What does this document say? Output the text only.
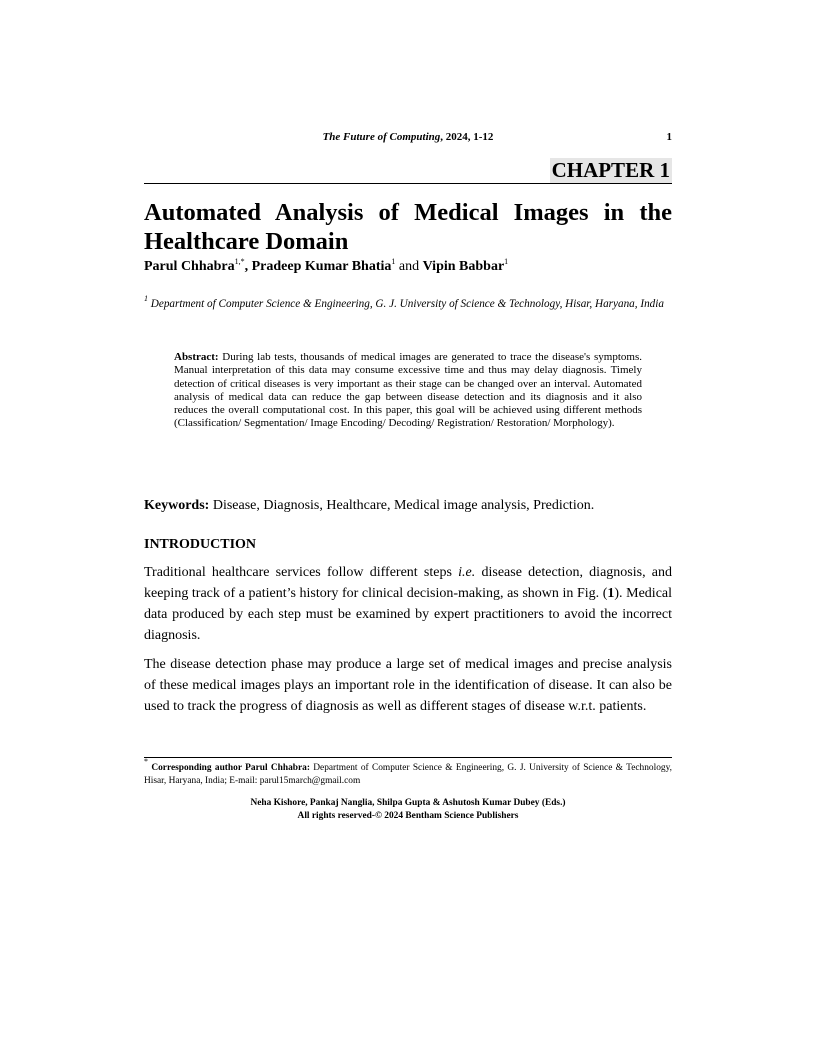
The Future of Computing, 2024, 1-12	1
CHAPTER 1
Automated Analysis of Medical Images in the
Healthcare Domain
Parul Chhabra$^{1,*}$, Pradeep Kumar Bhatia$^1$ and Vipin Babbar$^1$
$^1$ Department of Computer Science & Engineering, G. J. University of Science & Technology, Hisar, Haryana, India
Abstract: During lab tests, thousands of medical images are generated to trace the disease's symptoms. Manual interpretation of this data may consume excessive time and thus may delay diagnosis. Timely detection of critical diseases is very important as their stage can be changed over an interval. Automated analysis of medical data can reduce the gap between disease detection and its diagnosis and it also reduces the overall computational cost. In this paper, this goal will be achieved using different methods (Classification/ Segmentation/ Image Encoding/ Decoding/ Registration/ Restoration/ Morphology).
Keywords: Disease, Diagnosis, Healthcare, Medical image analysis, Prediction.
INTRODUCTION
Traditional healthcare services follow different steps i.e. disease detection, diagnosis, and keeping track of a patient’s history for clinical decision-making, as shown in Fig. (1). Medical data produced by each step must be examined by expert practitioners to avoid the incorrect diagnosis.
The disease detection phase may produce a large set of medical images and precise analysis of these medical images plays an important role in the identification of disease. It can also be used to track the progress of diagnosis as well as different stages of disease w.r.t. patients.
* Corresponding author Parul Chhabra: Department of Computer Science & Engineering, G. J. University of Science & Technology, Hisar, Haryana, India; E-mail: parul15march@gmail.com
Neha Kishore, Pankaj Nanglia, Shilpa Gupta & Ashutosh Kumar Dubey (Eds.)
All rights reserved-© 2024 Bentham Science Publishers
